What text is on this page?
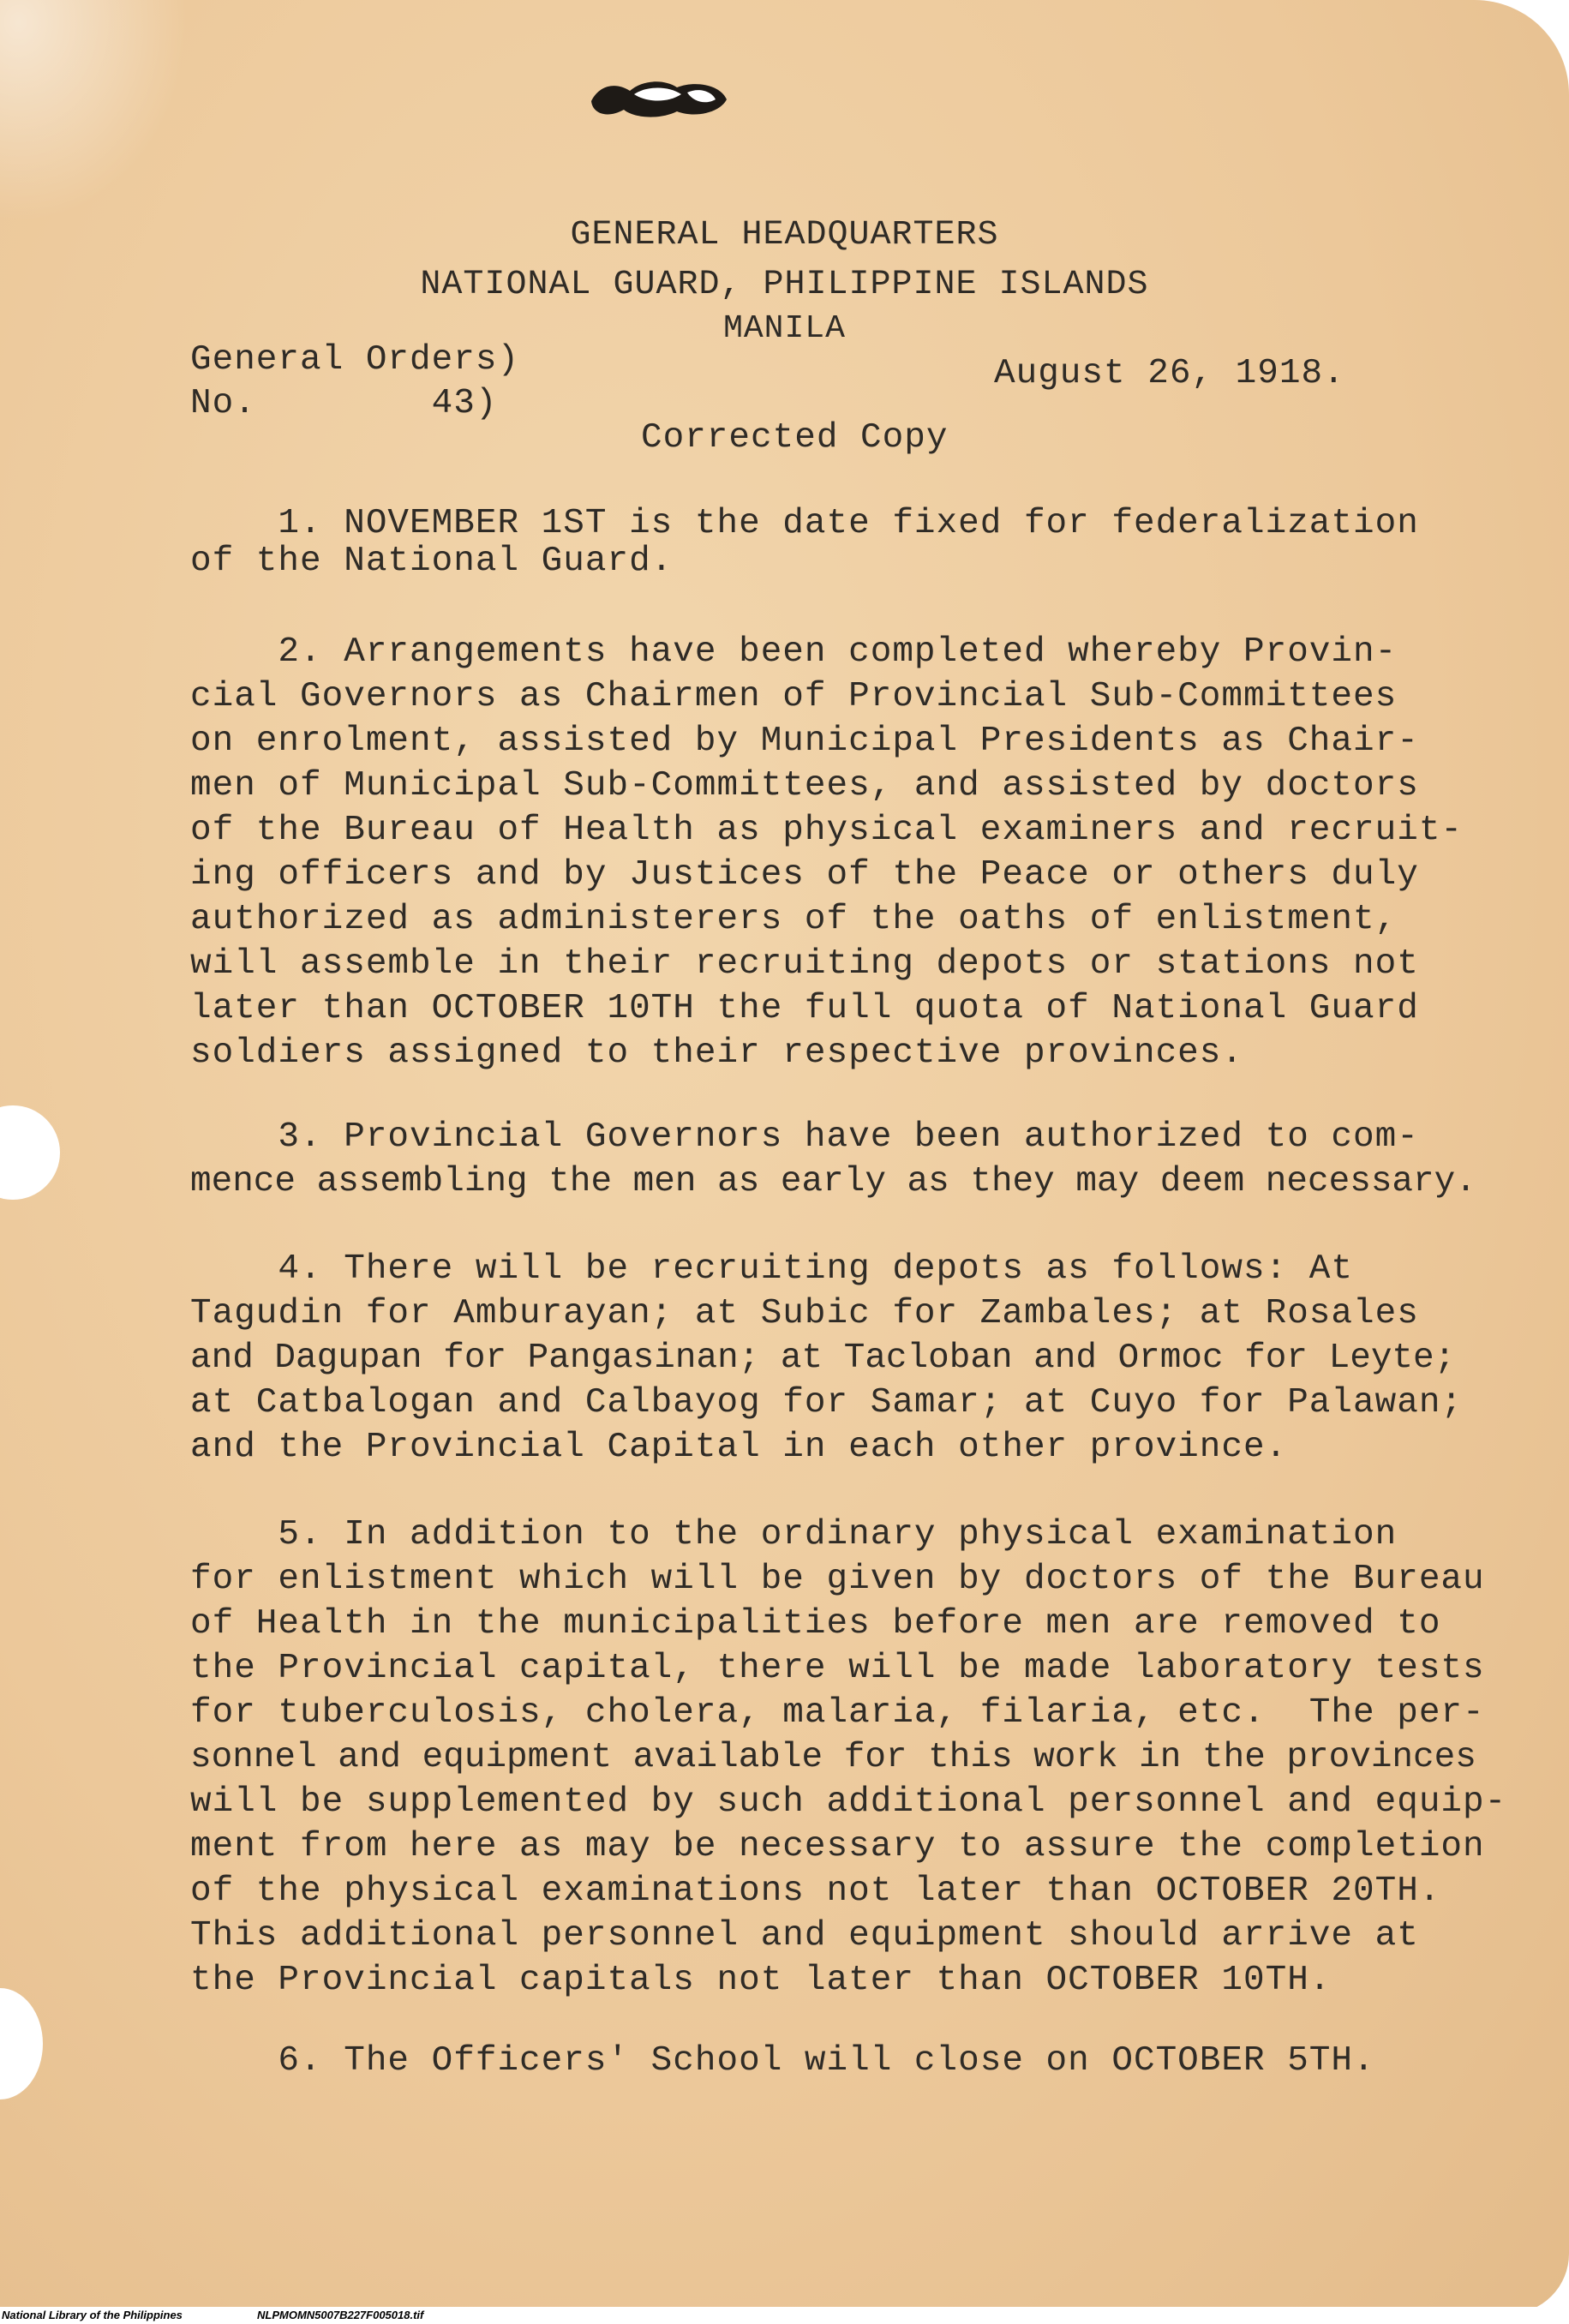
GENERAL HEADQUARTERS
NATIONAL GUARD, PHILIPPINE ISLANDS
MANILA
General Orders)
No.        43)
August 26, 1918.
Corrected Copy
1. NOVEMBER 1ST is the date fixed for federalization
of the National Guard.
2. Arrangements have been completed whereby Provin-
cial Governors as Chairmen of Provincial Sub-Committees
on enrolment, assisted by Municipal Presidents as Chair-
men of Municipal Sub-Committees, and assisted by doctors
of the Bureau of Health as physical examiners and recruit-
ing officers and by Justices of the Peace or others duly
authorized as administerers of the oaths of enlistment,
will assemble in their recruiting depots or stations not
later than OCTOBER 10TH the full quota of National Guard
soldiers assigned to their respective provinces.
3. Provincial Governors have been authorized to com-
mence assembling the men as early as they may deem necessary.
4. There will be recruiting depots as follows: At
Tagudin for Amburayan; at Subic for Zambales; at Rosales
and Dagupan for Pangasinan; at Tacloban and Ormoc for Leyte;
at Catbalogan and Calbayog for Samar; at Cuyo for Palawan;
and the Provincial Capital in each other province.
5. In addition to the ordinary physical examination
for enlistment which will be given by doctors of the Bureau
of Health in the municipalities before men are removed to
the Provincial capital, there will be made laboratory tests
for tuberculosis, cholera, malaria, filaria, etc.  The per-
sonnel and equipment available for this work in the provinces
will be supplemented by such additional personnel and equip-
ment from here as may be necessary to assure the completion
of the physical examinations not later than OCTOBER 20TH.
This additional personnel and equipment should arrive at
the Provincial capitals not later than OCTOBER 10TH.
6. The Officers' School will close on OCTOBER 5TH.
National Library of the Philippines	NLPMOMN5007B227F005018.tif
